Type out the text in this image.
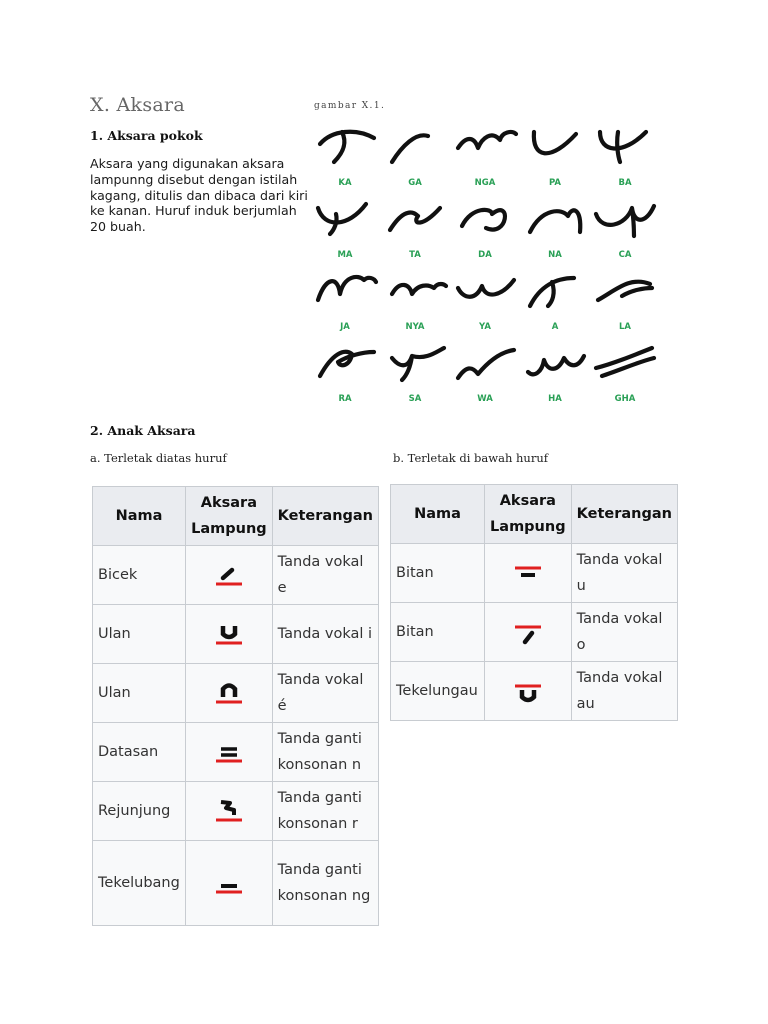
X. Aksara	gambar X.1.
1. Aksara pokok
Aksara yang digunakan aksara lampunng disebut dengan istilah kagang, ditulis dan dibaca dari kiri ke kanan. Huruf induk berjumlah 20 buah.
KA	GA	NGA	PA	BA
MA	TA	DA	NA	CA
JA	NYA	YA	A	LA
RA	SA	WA	HA	GHA
2. Anak Aksara
a. Terletak diatas huruf	b. Terletak di bawah huruf
Nama	Aksara Lampung	Keterangan
Bicek		Tanda vokal e
Ulan		Tanda vokal i
Ulan		Tanda vokal é
Datasan		Tanda ganti konsonan n
Rejunjung		Tanda ganti konsonan r
Tekelubang		Tanda ganti konsonan ng
Nama	Aksara Lampung	Keterangan
Bitan		Tanda vokal u
Bitan		Tanda vokal o
Tekelungau		Tanda vokal au
